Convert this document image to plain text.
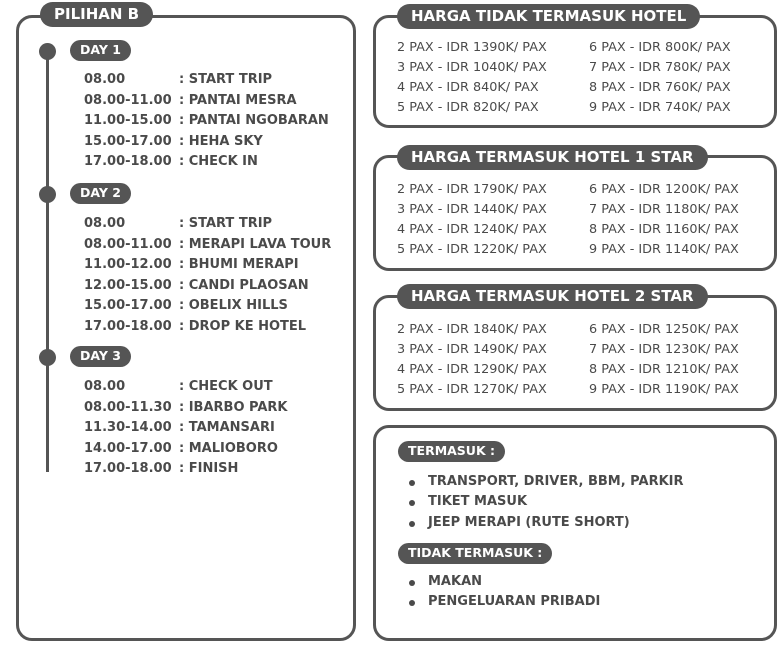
PILIHAN B
DAY 1
08.00	: START TRIP
08.00-11.00 : PANTAI MESRA
11.00-15.00 : PANTAI NGOBARAN
15.00-17.00 : HEHA SKY
17.00-18.00 : CHECK IN
DAY 2
08.00	: START TRIP
08.00-11.00 : MERAPI LAVA TOUR
11.00-12.00 : BHUMI MERAPI
12.00-15.00 : CANDI PLAOSAN
15.00-17.00 : OBELIX HILLS
17.00-18.00 : DROP KE HOTEL
DAY 3
08.00	: CHECK OUT
08.00-11.30 : IBARBO PARK
11.30-14.00 : TAMANSARI
14.00-17.00 : MALIOBORO
17.00-18.00 : FINISH
HARGA TIDAK TERMASUK HOTEL
2 PAX - IDR 1390K/ PAX	6 PAX - IDR 800K/ PAX
3 PAX - IDR 1040K/ PAX	7 PAX - IDR 780K/ PAX
4 PAX - IDR 840K/ PAX	8 PAX - IDR 760K/ PAX
5 PAX - IDR 820K/ PAX	9 PAX - IDR 740K/ PAX
HARGA TERMASUK HOTEL 1 STAR
2 PAX - IDR 1790K/ PAX	6 PAX - IDR 1200K/ PAX
3 PAX - IDR 1440K/ PAX	7 PAX - IDR 1180K/ PAX
4 PAX - IDR 1240K/ PAX	8 PAX - IDR 1160K/ PAX
5 PAX - IDR 1220K/ PAX	9 PAX - IDR 1140K/ PAX
HARGA TERMASUK HOTEL 2 STAR
2 PAX - IDR 1840K/ PAX	6 PAX - IDR 1250K/ PAX
3 PAX - IDR 1490K/ PAX	7 PAX - IDR 1230K/ PAX
4 PAX - IDR 1290K/ PAX	8 PAX - IDR 1210K/ PAX
5 PAX - IDR 1270K/ PAX	9 PAX - IDR 1190K/ PAX
TERMASUK :
TRANSPORT, DRIVER, BBM, PARKIR
TIKET MASUK
JEEP MERAPI (RUTE SHORT)
TIDAK TERMASUK :
MAKAN
PENGELUARAN PRIBADI
